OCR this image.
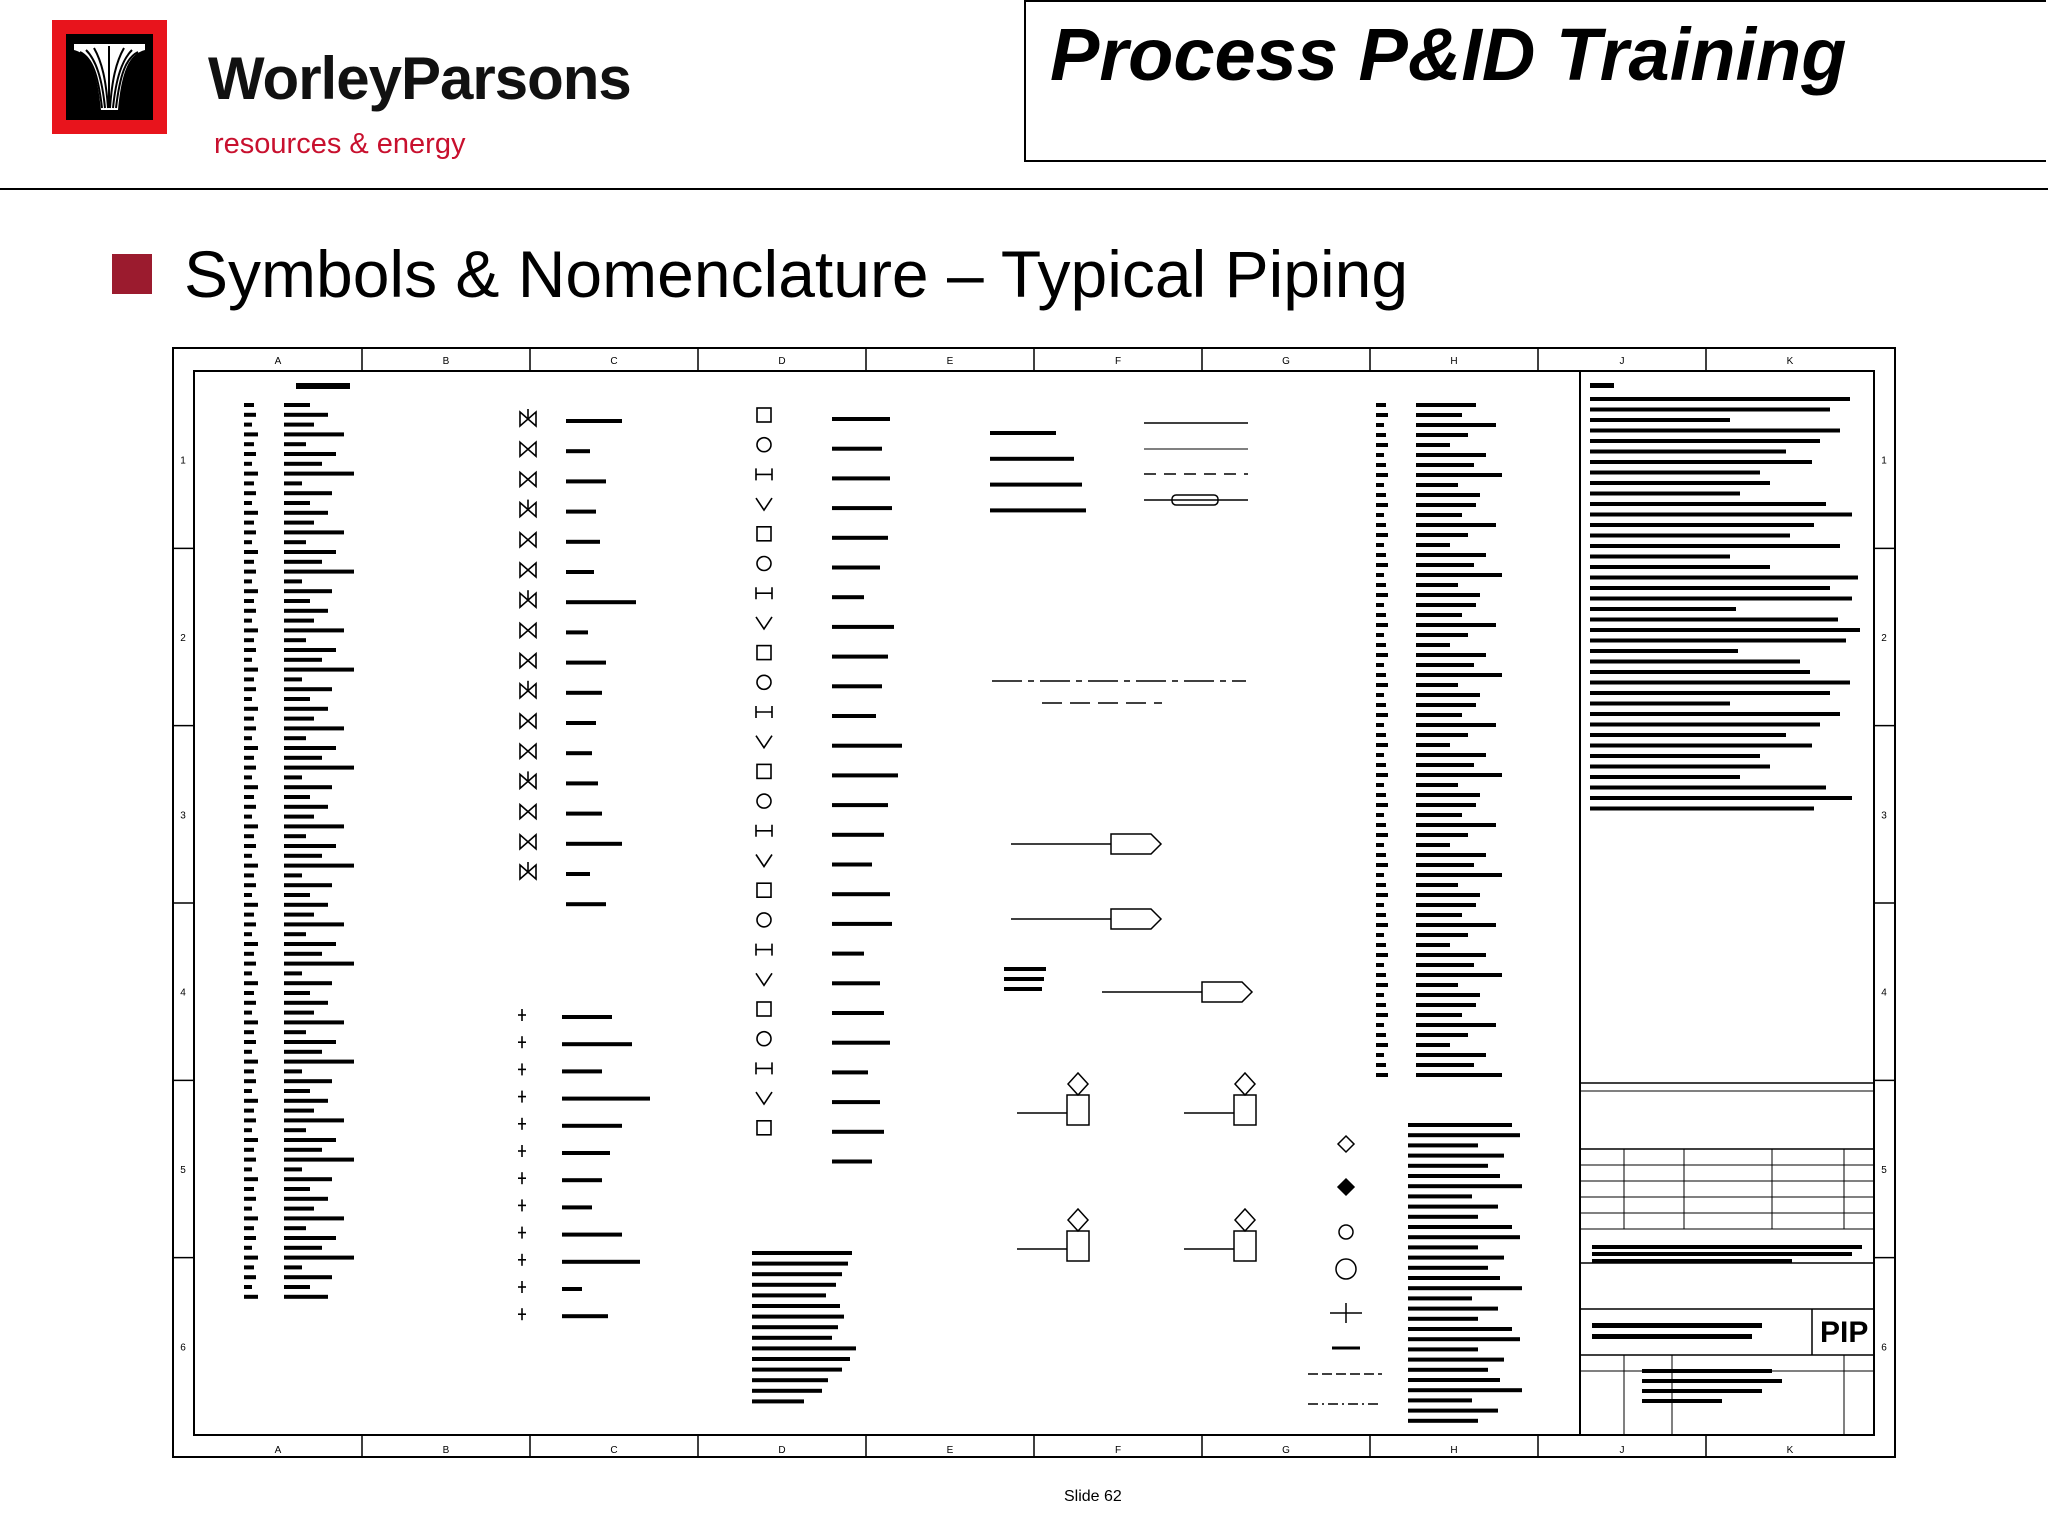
WorleyParsons
resources & energy
Process P&ID Training
Symbols & Nomenclature – Typical Piping
A
A
B
B
C
C
D
D
E
E
F
F
G
G
H
H
J
J
K
K
1	1
2	2
3	3
4	4
5	5
6	6
PIP
Slide 62
